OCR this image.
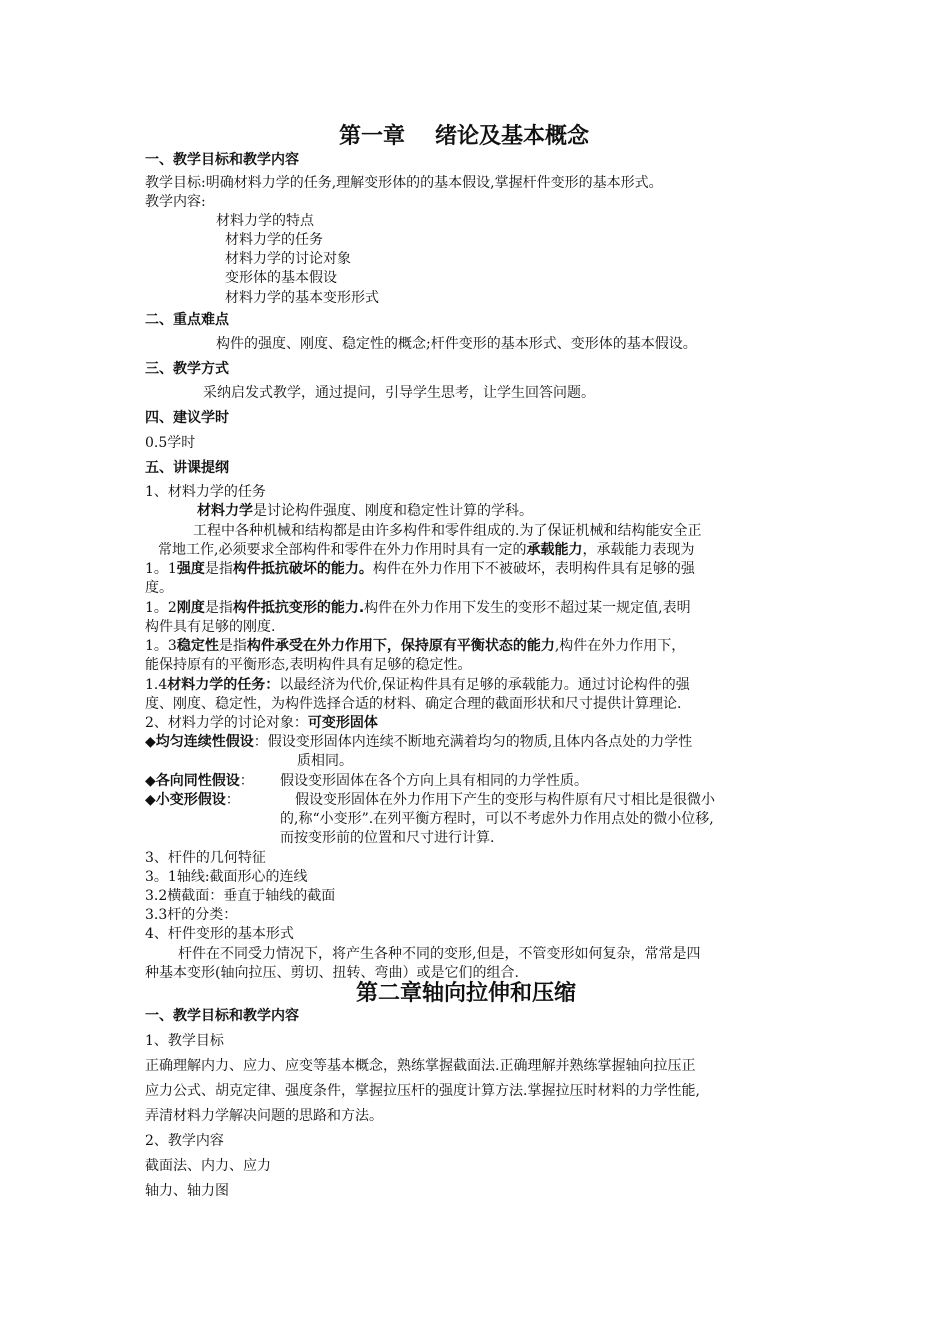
第一章 绪论及基本概念
一、教学目标和教学内容
教学目标:明确材料力学的任务,理解变形体的的基本假设,掌握杆件变形的基本形式。
教学内容:
材料力学的特点
材料力学的任务
材料力学的讨论对象
变形体的基本假设
材料力学的基本变形形式
二、重点难点
构件的强度、刚度、稳定性的概念;杆件变形的基本形式、变形体的基本假设。
三、教学方式
采纳启发式教学，通过提问，引导学生思考，让学生回答问题。
四、建议学时
0.5学时
五、讲课提纲
1、材料力学的任务
材料力学是讨论构件强度、刚度和稳定性计算的学科。
工程中各种机械和结构都是由许多构件和零件组成的.为了保证机械和结构能安全正
常地工作,必须要求全部构件和零件在外力作用时具有一定的承载能力，承载能力表现为
1。1强度是指构件抵抗破坏的能力。构件在外力作用下不被破坏，表明构件具有足够的强
度。
1。2刚度是指构件抵抗变形的能力.构件在外力作用下发生的变形不超过某一规定值,表明
构件具有足够的刚度.
1。3稳定性是指构件承受在外力作用下，保持原有平衡状态的能力,构件在外力作用下，
能保持原有的平衡形态,表明构件具有足够的稳定性。
1.4材料力学的任务：以最经济为代价,保证构件具有足够的承载能力。通过讨论构件的强
度、刚度、稳定性，为构件选择合适的材料、确定合理的截面形状和尺寸提供计算理论.
2、材料力学的讨论对象：可变形固体
◆均匀连续性假设：假设变形固体内连续不断地充满着均匀的物质,且体内各点处的力学性
质相同。
◆各向同性假设： 假设变形固体在各个方向上具有相同的力学性质。
◆小变形假设：	假设变形固体在外力作用下产生的变形与构件原有尺寸相比是很微小
的,称“小变形”.在列平衡方程时，可以不考虑外力作用点处的微小位移,
而按变形前的位置和尺寸进行计算.
3、杆件的几何特征
3。1轴线:截面形心的连线
3.2横截面：垂直于轴线的截面
3.3杆的分类：
4、杆件变形的基本形式
杆件在不同受力情况下，将产生各种不同的变形,但是，不管变形如何复杂，常常是四
种基本变形(轴向拉压、剪切、扭转、弯曲）或是它们的组合.
第二章轴向拉伸和压缩
一、教学目标和教学内容
1、教学目标
正确理解内力、应力、应变等基本概念，熟练掌握截面法.正确理解并熟练掌握轴向拉压正
应力公式、胡克定律、强度条件，掌握拉压杆的强度计算方法.掌握拉压时材料的力学性能,
弄清材料力学解决问题的思路和方法。
2、教学内容
截面法、内力、应力
轴力、轴力图
